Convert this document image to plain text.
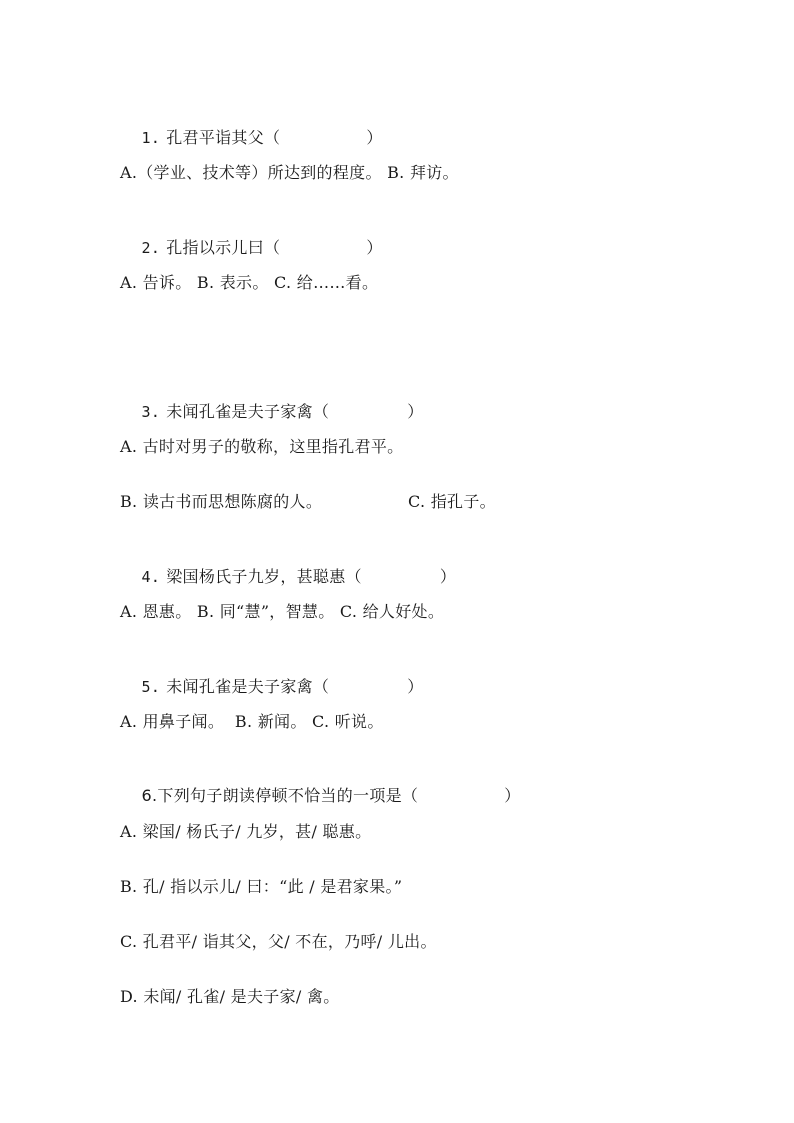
1. 孔君平诣其父（	）

A.（学业、技术等）所达到的程度。 B. 拜访。

2. 孔指以示儿曰（	）

A. 告诉。 B. 表示。 C. 给……看。

3. 未闻孔雀是夫子家禽（	）

A. 古时对男子的敬称，这里指孔君平。
B. 读古书而思想陈腐的人。	C. 指孔子。

4. 梁国杨氏子九岁，甚聪惠（	）

A. 恩惠。 B. 同“慧”，智慧。 C. 给人好处。

5. 未闻孔雀是夫子家禽（	）

A. 用鼻子闻。  B. 新闻。 C. 听说。

6.下列句子朗读停顿不恰当的一项是（	）

A. 梁国/ 杨氏子/ 九岁，甚/ 聪惠。
B. 孔/ 指以示儿/ 曰：“此 / 是君家果。”
C. 孔君平/ 诣其父，父/ 不在，乃呼/ 儿出。
D. 未闻/ 孔雀/ 是夫子家/ 禽。
